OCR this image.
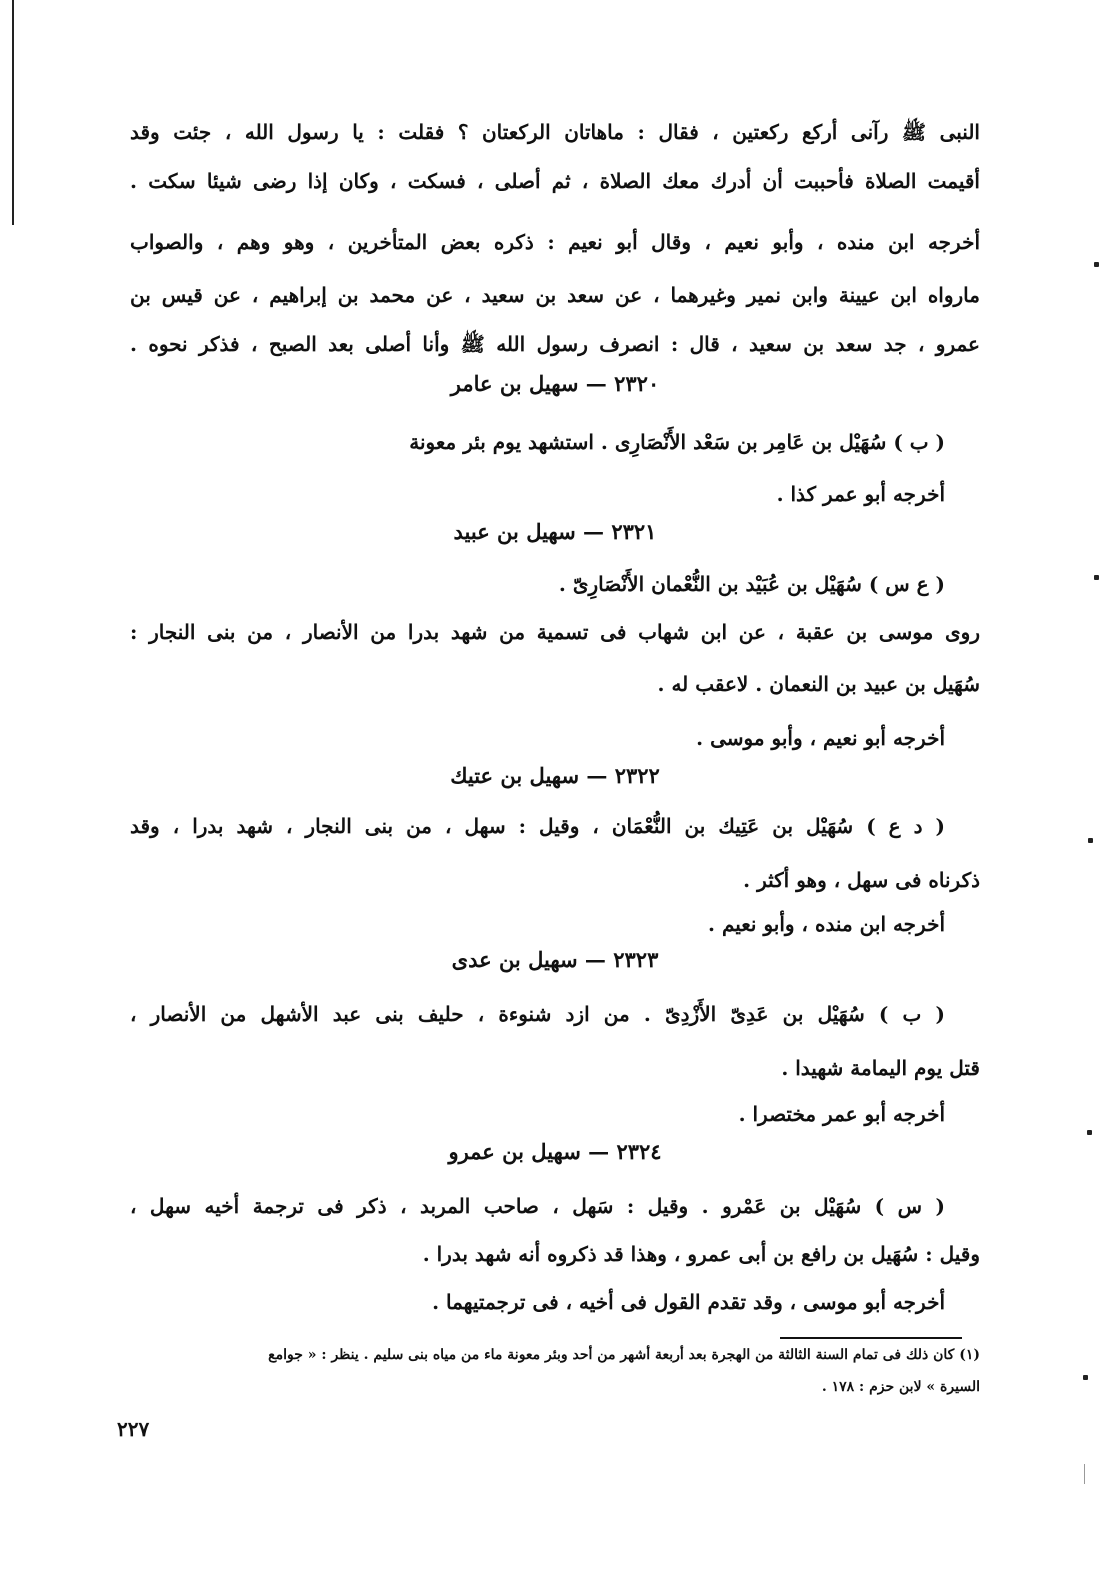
النبى ﷺ رآنى أركع ركعتين ، فقال : ماهاتان الركعتان ؟ فقلت : يا رسول الله ، جئت وقد
أقيمت الصلاة فأحببت أن أدرك معك الصلاة ، ثم أصلى ، فسكت ، وكان إذا رضى شيئا سكت .
أخرجه ابن منده ، وأبو نعيم ، وقال أبو نعيم : ذكره بعض المتأخرين ، وهو وهم ، والصواب
مارواه ابن عيينة وابن نمير وغيرهما ، عن سعد بن سعيد ، عن محمد بن إبراهيم ، عن قيس بن
عمرو ، جد سعد بن سعيد ، قال : انصرف رسول الله ﷺ وأنا أصلى بعد الصبح ، فذكر نحوه .
٢٣٢٠ — سهيل بن عامر
( ب ) سُهَيْل بن عَامِر بن سَعْد الأَنْصَارِى . استشهد يوم بئر معونة
أخرجه أبو عمر كذا .
٢٣٢١ — سهيل بن عبيد
( ع س ) سُهَيْل بن عُبَيْد بن النُّعْمان الأَنْصَارِىّ .
روى موسى بن عقبة ، عن ابن شهاب فى تسمية من شهد بدرا من الأنصار ، من بنى النجار :
سُهَيل بن عبيد بن النعمان . لاعقب له .
أخرجه أبو نعيم ، وأبو موسى .
٢٣٢٢ — سهيل بن عتيك
( د ع ) سُهَيْل بن عَتِيك بن النُّعْمَان ، وقيل : سهل ، من بنى النجار ، شهد بدرا ، وقد
ذكرناه فى سهل ، وهو أكثر .
أخرجه ابن منده ، وأبو نعيم .
٢٣٢٣ — سهيل بن عدى
( ب ) سُهَيْل بن عَدِىّ الأَزْدِىّ . من ازد شنوءة ، حليف بنى عبد الأشهل من الأنصار ،
قتل يوم اليمامة شهيدا .
أخرجه أبو عمر مختصرا .
٢٣٢٤ — سهيل بن عمرو
( س ) سُهَيْل بن عَمْرو . وقيل : سَهل ، صاحب المربد ، ذكر فى ترجمة أخيه سهل ،
وقيل : سُهَيل بن رافع بن أبى عمرو ، وهذا قد ذكروه أنه شهد بدرا .
أخرجه أبو موسى ، وقد تقدم القول فى أخيه ، فى ترجمتيهما .
(١) كان ذلك فى تمام السنة الثالثة من الهجرة بعد أربعة أشهر من أحد وبئر معونة ماء من مياه بنى سليم . ينظر : « جوامع
السيرة » لابن حزم : ١٧٨ .
٢٢٧
